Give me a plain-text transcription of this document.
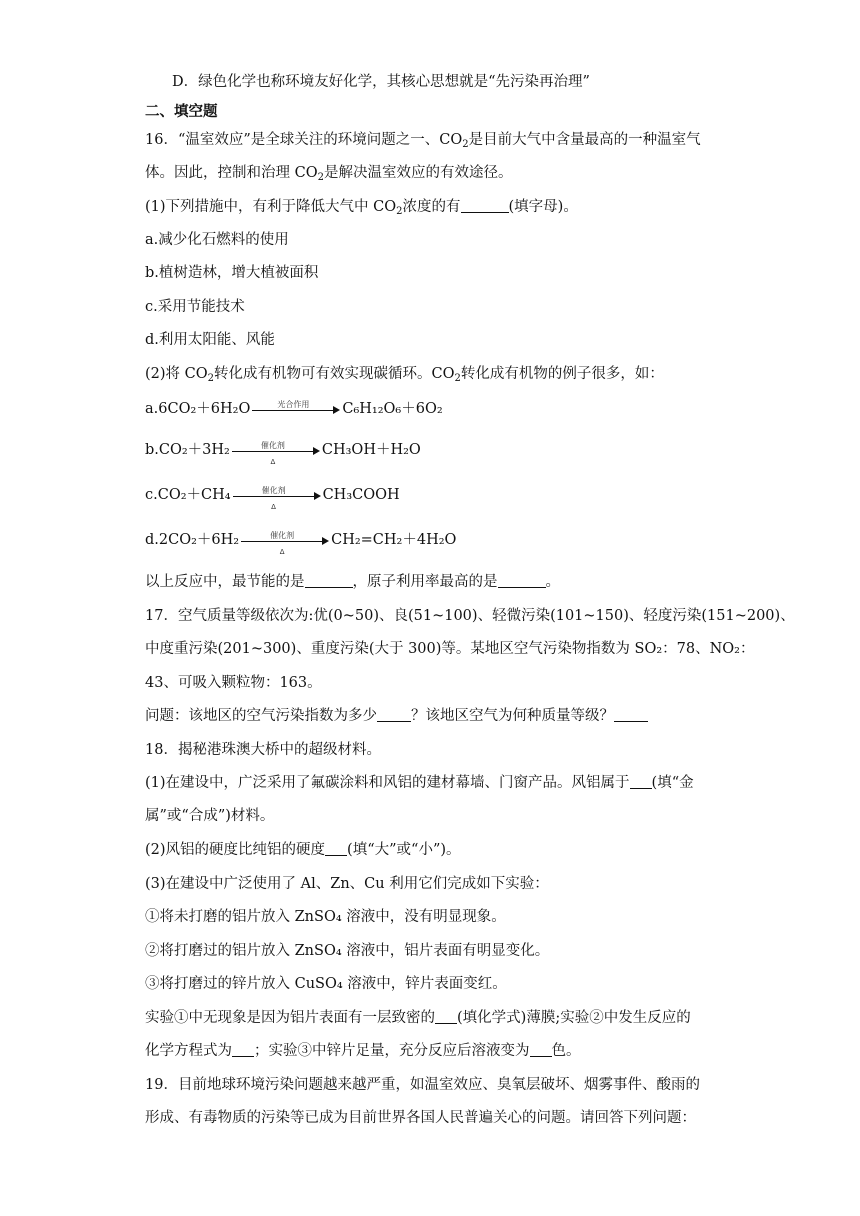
D．绿色化学也称环境友好化学，其核心思想就是“先污染再治理”
二、填空题
16．“温室效应”是全球关注的环境问题之一、$CO_2$是目前大气中含量最高的一种温室气
体。因此，控制和治理 $CO_2$是解决温室效应的有效途径。
(1)下列措施中，有利于降低大气中 $CO_2$浓度的有	(填字母)。
a.减少化石燃料的使用
b.植树造林，增大植被面积
c.采用节能技术
d.利用太阳能、风能
(2)将 $CO_2$转化成有机物可有效实现碳循环。$CO_2$转化成有机物的例子很多，如：
a.6CO₂＋6H₂O	光合作用	C₆H₁₂O₆＋6O₂
b.CO₂＋3H₂	催化剂
Δ
CH₃OH＋H₂O
c.CO₂＋CH₄	催化剂
Δ
CH₃COOH
d.2CO₂＋6H₂	催化剂
Δ
CH₂=CH₂＋4H₂O
以上反应中，最节能的是	，原子利用率最高的是	。
17．空气质量等级依次为:优(0~50)、良(51~100)、轻微污染(101~150)、轻度污染(151~200)、
中度重污染(201~300)、重度污染(大于 300)等。某地区空气污染物指数为 SO₂：78、NO₂：
43、可吸入颗粒物：163。
问题：该地区的空气污染指数为多少 ？该地区空气为何种质量等级？
18．揭秘港珠澳大桥中的超级材料。
(1)在建设中，广泛采用了氟碳涂料和风铝的建材幕墙、门窗产品。风铝属于 (填“金
属”或“合成”)材料。
(2)风铝的硬度比纯铝的硬度 (填“大”或“小”)。
(3)在建设中广泛使用了 Al、Zn、Cu 利用它们完成如下实验：
①将未打磨的铝片放入 ZnSO₄ 溶液中，没有明显现象。
②将打磨过的铝片放入 ZnSO₄ 溶液中，铝片表面有明显变化。
③将打磨过的锌片放入 CuSO₄ 溶液中，锌片表面变红。
实验①中无现象是因为铝片表面有一层致密的 (填化学式)薄膜;实验②中发生反应的
化学方程式为 ；实验③中锌片足量，充分反应后溶液变为 色。
19．目前地球环境污染问题越来越严重，如温室效应、臭氧层破坏、烟雾事件、酸雨的
形成、有毒物质的污染等已成为目前世界各国人民普遍关心的问题。请回答下列问题：
